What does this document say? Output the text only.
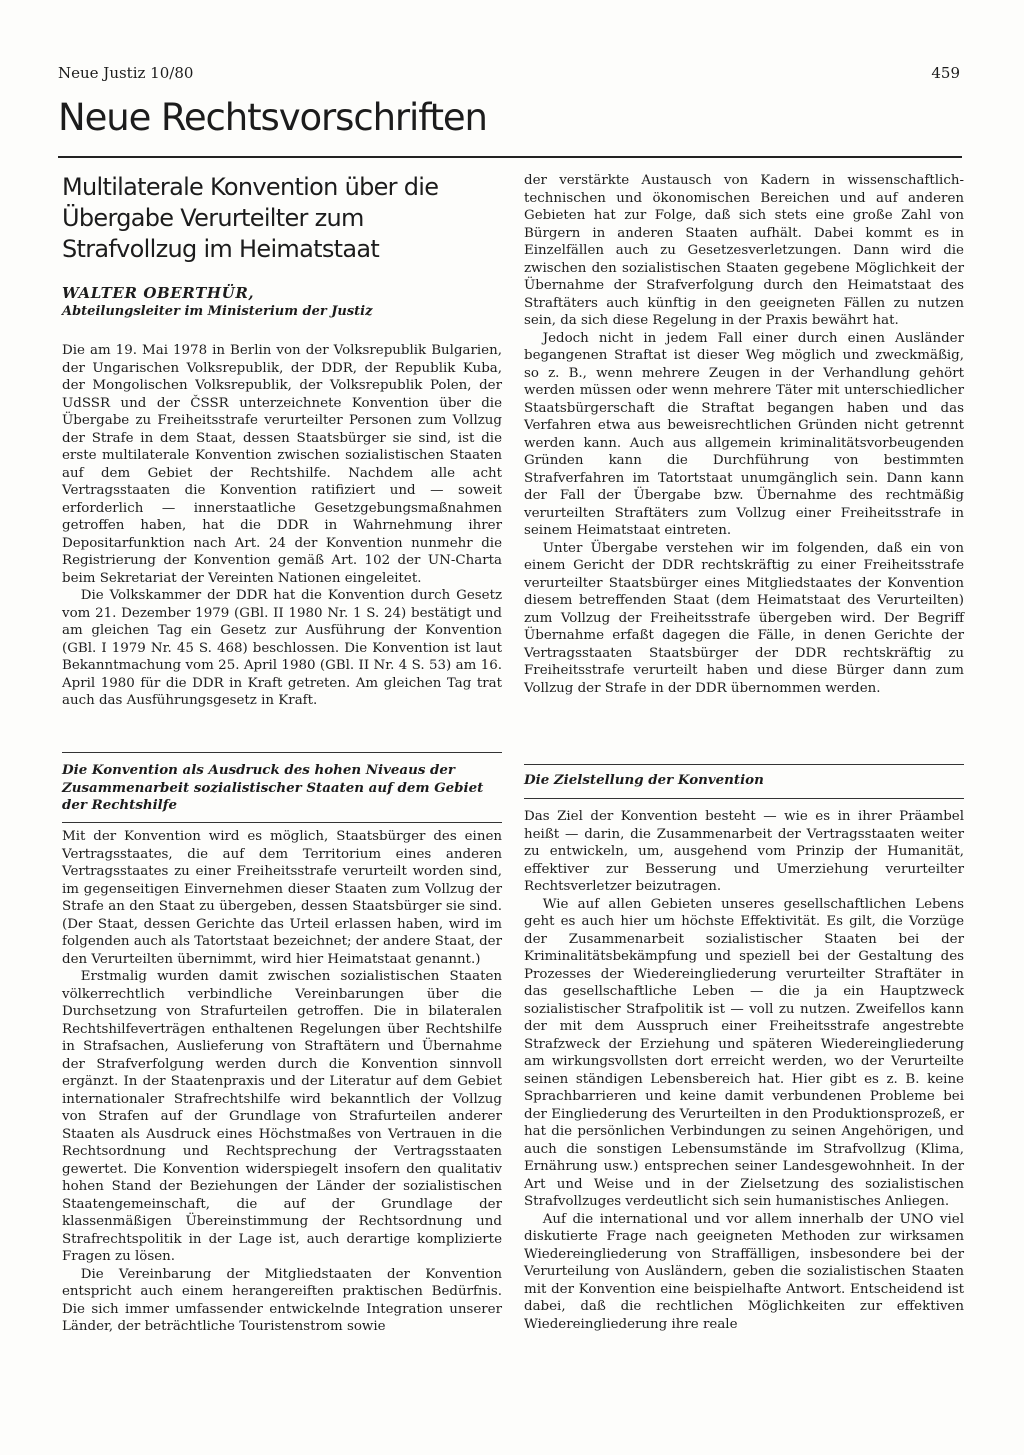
Neue Justiz 10/80	459
Neue Rechtsvorschriften
Multilaterale Konvention über die Übergabe Verurteilter zum Strafvollzug im Heimatstaat
WALTER OBERTHÜR,
Abteilungsleiter im Ministerium der Justiz

Die am 19. Mai 1978 in Berlin von der Volksrepublik Bulgarien, der Ungarischen Volksrepublik, der DDR, der Republik Kuba, der Mongolischen Volksrepublik, der Volksrepublik Polen, der UdSSR und der ČSSR unterzeichnete Konvention über die Übergabe zu Freiheitsstrafe verurteilter Personen zum Vollzug der Strafe in dem Staat, dessen Staatsbürger sie sind, ist die erste multilaterale Konvention zwischen sozialistischen Staaten auf dem Gebiet der Rechtshilfe. Nachdem alle acht Vertragsstaaten die Konvention ratifiziert und — soweit erforderlich — innerstaatliche Gesetzgebungsmaßnahmen getroffen haben, hat die DDR in Wahrnehmung ihrer Depositarfunktion nach Art. 24 der Konvention nunmehr die Registrierung der Konvention gemäß Art. 102 der UN-Charta beim Sekretariat der Vereinten Nationen eingeleitet.

Die Volkskammer der DDR hat die Konvention durch Gesetz vom 21. Dezember 1979 (GBl. II 1980 Nr. 1 S. 24) bestätigt und am gleichen Tag ein Gesetz zur Ausführung der Konvention (GBl. I 1979 Nr. 45 S. 468) beschlossen. Die Konvention ist laut Bekanntmachung vom 25. April 1980 (GBl. II Nr. 4 S. 53) am 16. April 1980 für die DDR in Kraft getreten. Am gleichen Tag trat auch das Ausführungsgesetz in Kraft.

Die Konvention als Ausdruck des hohen Niveaus der Zusammenarbeit sozialistischer Staaten auf dem Gebiet der Rechtshilfe

Mit der Konvention wird es möglich, Staatsbürger des einen Vertragsstaates, die auf dem Territorium eines anderen Vertragsstaates zu einer Freiheitsstrafe verurteilt worden sind, im gegenseitigen Einvernehmen dieser Staaten zum Vollzug der Strafe an den Staat zu übergeben, dessen Staatsbürger sie sind. (Der Staat, dessen Gerichte das Urteil erlassen haben, wird im folgenden auch als Tatortstaat bezeichnet; der andere Staat, der den Verurteilten übernimmt, wird hier Heimatstaat genannt.)

Erstmalig wurden damit zwischen sozialistischen Staaten völkerrechtlich verbindliche Vereinbarungen über die Durchsetzung von Strafurteilen getroffen. Die in bilateralen Rechtshilfeverträgen enthaltenen Regelungen über Rechtshilfe in Strafsachen, Auslieferung von Straftätern und Übernahme der Strafverfolgung werden durch die Konvention sinnvoll ergänzt. In der Staatenpraxis und der Literatur auf dem Gebiet internationaler Strafrechtshilfe wird bekanntlich der Vollzug von Strafen auf der Grundlage von Strafurteilen anderer Staaten als Ausdruck eines Höchstmaßes von Vertrauen in die Rechtsordnung und Rechtsprechung der Vertragsstaaten gewertet. Die Konvention widerspiegelt insofern den qualitativ hohen Stand der Beziehungen der Länder der sozialistischen Staatengemeinschaft, die auf der Grundlage der klassenmäßigen Übereinstimmung der Rechtsordnung und Strafrechtspolitik in der Lage ist, auch derartige komplizierte Fragen zu lösen.

Die Vereinbarung der Mitgliedstaaten der Konvention entspricht auch einem herangereiften praktischen Bedürfnis. Die sich immer umfassender entwickelnde Integration unserer Länder, der beträchtliche Touristenstrom sowie

der verstärkte Austausch von Kadern in wissenschaftlich-technischen und ökonomischen Bereichen und auf anderen Gebieten hat zur Folge, daß sich stets eine große Zahl von Bürgern in anderen Staaten aufhält. Dabei kommt es in Einzelfällen auch zu Gesetzesverletzungen. Dann wird die zwischen den sozialistischen Staaten gegebene Möglichkeit der Übernahme der Strafverfolgung durch den Heimatstaat des Straftäters auch künftig in den geeigneten Fällen zu nutzen sein, da sich diese Regelung in der Praxis bewährt hat.

Jedoch nicht in jedem Fall einer durch einen Ausländer begangenen Straftat ist dieser Weg möglich und zweckmäßig, so z. B., wenn mehrere Zeugen in der Verhandlung gehört werden müssen oder wenn mehrere Täter mit unterschiedlicher Staatsbürgerschaft die Straftat begangen haben und das Verfahren etwa aus beweisrechtlichen Gründen nicht getrennt werden kann. Auch aus allgemein kriminalitätsvorbeugenden Gründen kann die Durchführung von bestimmten Strafverfahren im Tatortstaat unumgänglich sein. Dann kann der Fall der Übergabe bzw. Übernahme des rechtmäßig verurteilten Straftäters zum Vollzug einer Freiheitsstrafe in seinem Heimatstaat eintreten.

Unter Übergabe verstehen wir im folgenden, daß ein von einem Gericht der DDR rechtskräftig zu einer Freiheitsstrafe verurteilter Staatsbürger eines Mitgliedstaates der Konvention diesem betreffenden Staat (dem Heimatstaat des Verurteilten) zum Vollzug der Freiheitsstrafe übergeben wird. Der Begriff Übernahme erfaßt dagegen die Fälle, in denen Gerichte der Vertragsstaaten Staatsbürger der DDR rechtskräftig zu Freiheitsstrafe verurteilt haben und diese Bürger dann zum Vollzug der Strafe in der DDR übernommen werden.

Die Zielstellung der Konvention

Das Ziel der Konvention besteht — wie es in ihrer Präambel heißt — darin, die Zusammenarbeit der Vertragsstaaten weiter zu entwickeln, um, ausgehend vom Prinzip der Humanität, effektiver zur Besserung und Umerziehung verurteilter Rechtsverletzer beizutragen.

Wie auf allen Gebieten unseres gesellschaftlichen Lebens geht es auch hier um höchste Effektivität. Es gilt, die Vorzüge der Zusammenarbeit sozialistischer Staaten bei der Kriminalitätsbekämpfung und speziell bei der Gestaltung des Prozesses der Wiedereingliederung verurteilter Straftäter in das gesellschaftliche Leben — die ja ein Hauptzweck sozialistischer Strafpolitik ist — voll zu nutzen. Zweifellos kann der mit dem Ausspruch einer Freiheitsstrafe angestrebte Strafzweck der Erziehung und späteren Wiedereingliederung am wirkungsvollsten dort erreicht werden, wo der Verurteilte seinen ständigen Lebensbereich hat. Hier gibt es z. B. keine Sprachbarrieren und keine damit verbundenen Probleme bei der Eingliederung des Verurteilten in den Produktionsprozeß, er hat die persönlichen Verbindungen zu seinen Angehörigen, und auch die sonstigen Lebensumstände im Strafvollzug (Klima, Ernährung usw.) entsprechen seiner Landesgewohnheit. In der Art und Weise und in der Zielsetzung des sozialistischen Strafvollzuges verdeutlicht sich sein humanistisches Anliegen.

Auf die international und vor allem innerhalb der UNO viel diskutierte Frage nach geeigneten Methoden zur wirksamen Wiedereingliederung von Straffälligen, insbesondere bei der Verurteilung von Ausländern, geben die sozialistischen Staaten mit der Konvention eine beispielhafte Antwort. Entscheidend ist dabei, daß die rechtlichen Möglichkeiten zur effektiven Wiedereingliederung ihre reale
